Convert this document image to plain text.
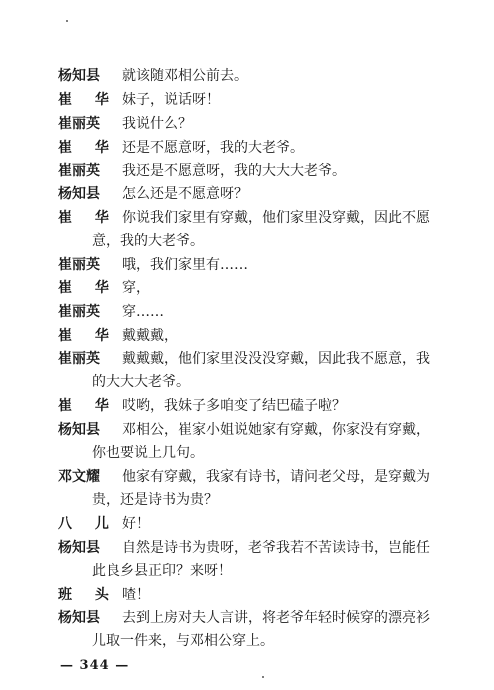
杨知县 就该随邓相公前去。
崔 华 妹子，说话呀！
崔丽英 我说什么？
崔 华 还是不愿意呀，我的大老爷。
崔丽英 我还是不愿意呀，我的大大大老爷。
杨知县 怎么还是不愿意呀？
崔 华 你说我们家里有穿戴，他们家里没穿戴，因此不愿
意，我的大老爷。
崔丽英 哦，我们家里有……
崔 华 穿，
崔丽英 穿……
崔 华 戴戴戴，
崔丽英 戴戴戴，他们家里没没没穿戴，因此我不愿意，我
的大大大老爷。
崔 华 哎哟，我妹子多咱变了结巴磕子啦？
杨知县 邓相公，崔家小姐说她家有穿戴，你家没有穿戴，
你也要说上几句。
邓文耀 他家有穿戴，我家有诗书，请问老父母，是穿戴为
贵，还是诗书为贵？
八 儿 好！
杨知县 自然是诗书为贵呀，老爷我若不苦读诗书，岂能任
此良乡县正印？来呀！
班 头 喳！
杨知县 去到上房对夫人言讲，将老爷年轻时候穿的漂亮衫
儿取一件来，与邓相公穿上。
— 344 —
